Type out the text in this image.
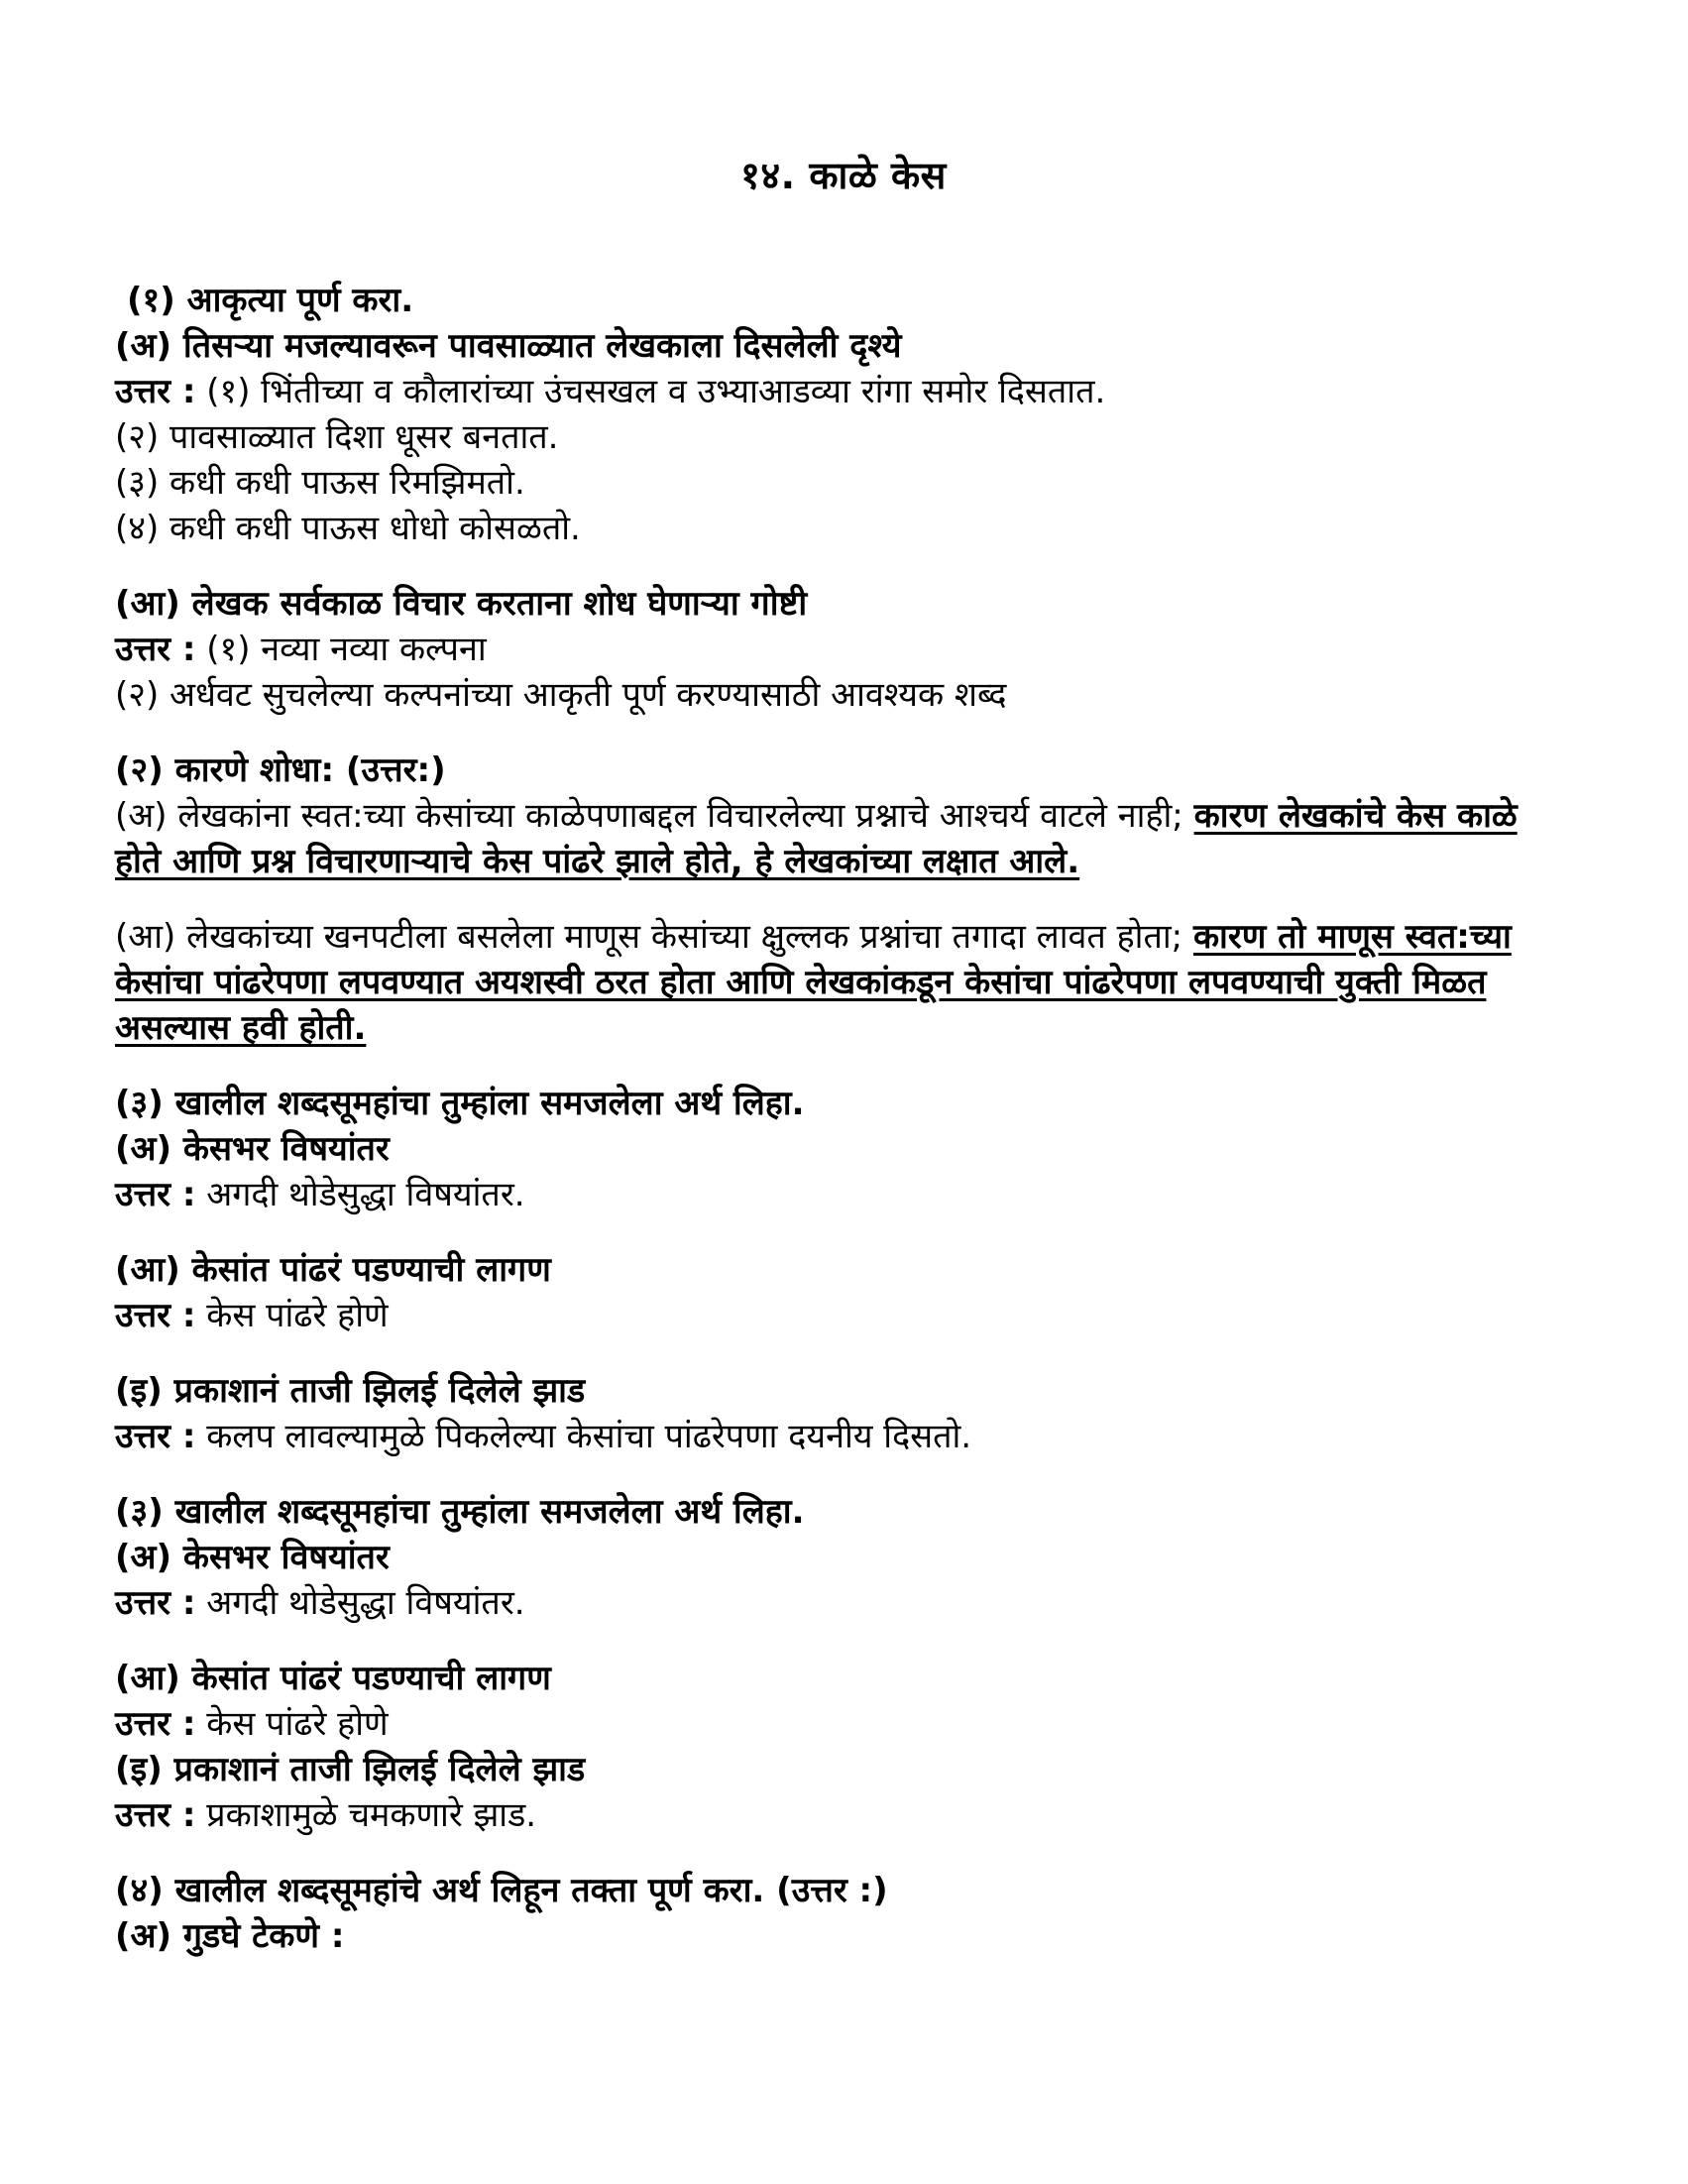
१४. काळे केस
(१) आकृत्या पूर्ण करा.
(अ) तिसऱ्या मजल्यावरून पावसाळ्यात लेखकाला दिसलेली दृश्ये
उत्तर : (१) भिंतीच्या व कौलारांच्या उंचसखल व उभ्याआडव्या रांगा समोर दिसतात.
(२) पावसाळ्यात दिशा धूसर बनतात.
(३) कधी कधी पाऊस रिमझिमतो.
(४) कधी कधी पाऊस धोधो कोसळतो.
(आ) लेखक सर्वकाळ विचार करताना शोध घेणाऱ्या गोष्टी
उत्तर : (१) नव्या नव्या कल्पना
(२) अर्धवट सुचलेल्या कल्पनांच्या आकृती पूर्ण करण्यासाठी आवश्यक शब्द
(२) कारणे शोधा: (उत्तर:)
(अ) लेखकांना स्वत:च्या केसांच्या काळेपणाबद्दल विचारलेल्या प्रश्नाचे आश्चर्य वाटले नाही; कारण लेखकांचे केस काळे होते आणि प्रश्न विचारणाऱ्याचे केस पांढरे झाले होते, हे लेखकांच्या लक्षात आले.
(आ) लेखकांच्या खनपटीला बसलेला माणूस केसांच्या क्षुल्लक प्रश्नांचा तगादा लावत होता; कारण तो माणूस स्वत:च्या केसांचा पांढरेपणा लपवण्यात अयशस्वी ठरत होता आणि लेखकांकडून केसांचा पांढरेपणा लपवण्याची युक्ती मिळत असल्यास हवी होती.
(३) खालील शब्दसूमहांचा तुम्हांला समजलेला अर्थ लिहा.
(अ) केसभर विषयांतर
उत्तर : अगदी थोडेसुद्धा विषयांतर.
(आ) केसांत पांढरं पडण्याची लागण
उत्तर : केस पांढरे होणे
(इ) प्रकाशानं ताजी झिलई दिलेले झाड
उत्तर : कलप लावल्यामुळे पिकलेल्या केसांचा पांढरेपणा दयनीय दिसतो.
(३) खालील शब्दसूमहांचा तुम्हांला समजलेला अर्थ लिहा.
(अ) केसभर विषयांतर
उत्तर : अगदी थोडेसुद्धा विषयांतर.
(आ) केसांत पांढरं पडण्याची लागण
उत्तर : केस पांढरे होणे
(इ) प्रकाशानं ताजी झिलई दिलेले झाड
उत्तर : प्रकाशामुळे चमकणारे झाड.
(४) खालील शब्दसूमहांचे अर्थ लिहून तक्ता पूर्ण करा. (उत्तर :)
(अ) गुडघे टेकणे :
